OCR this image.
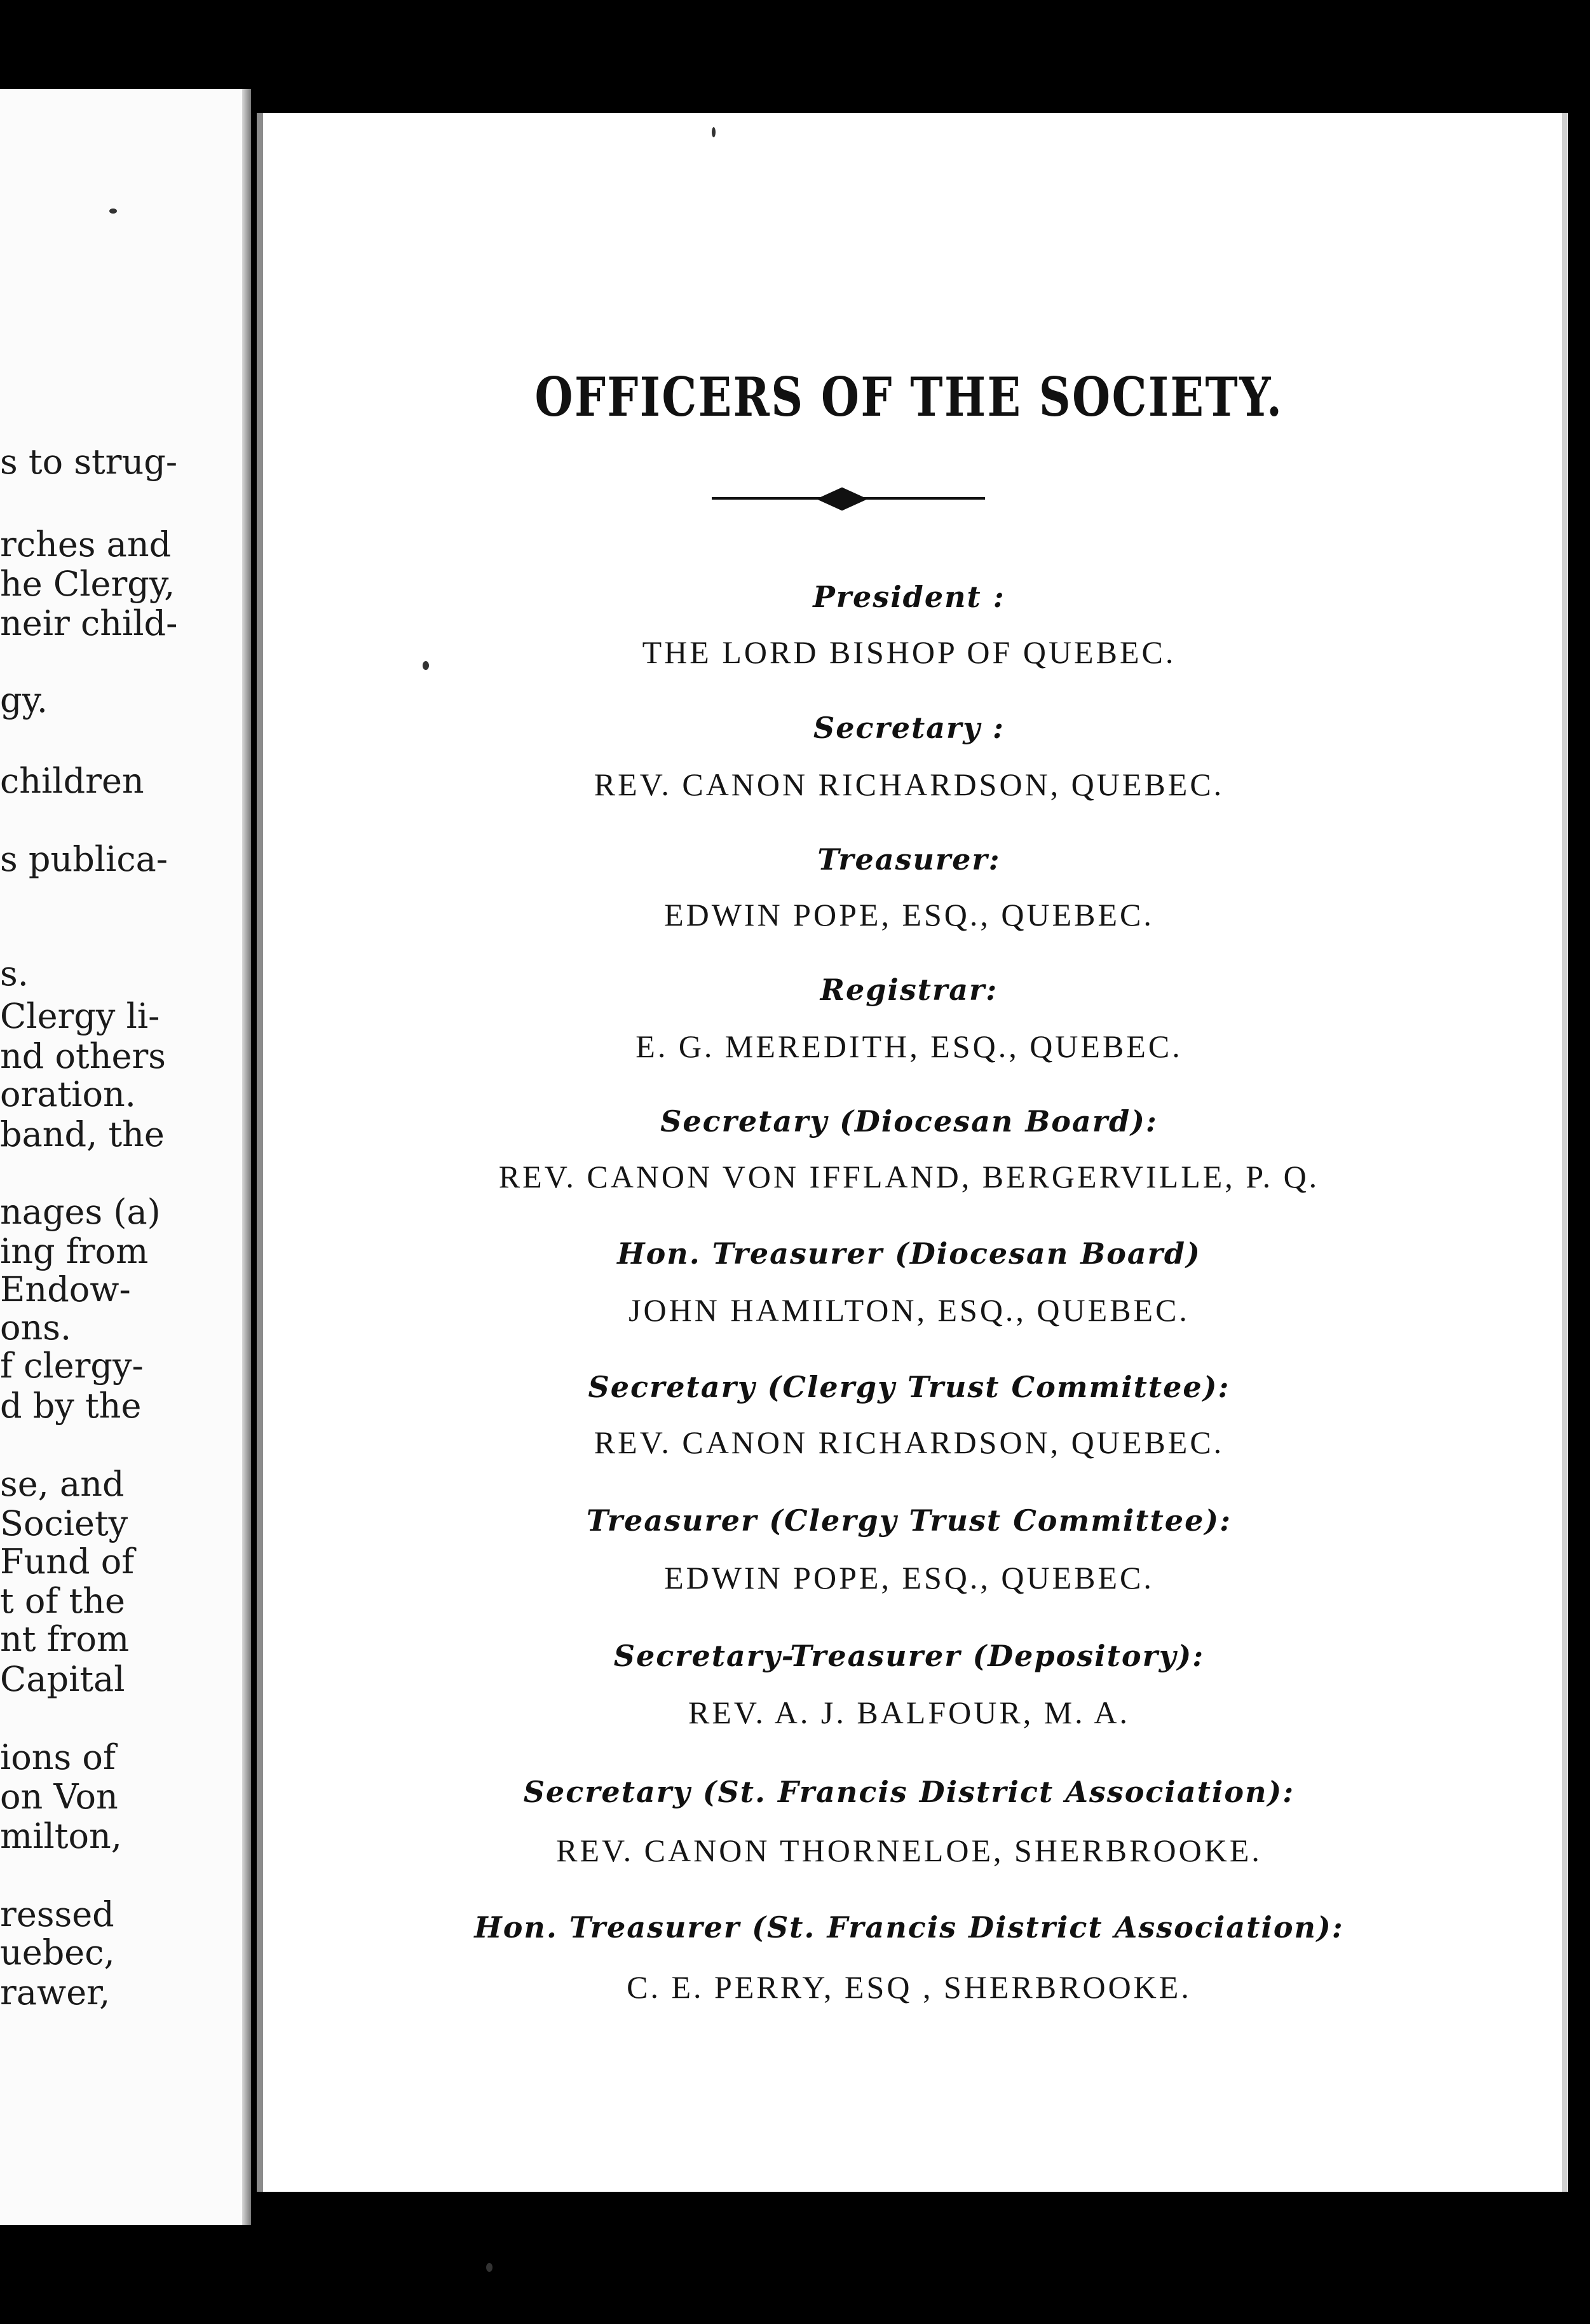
s to strug-
rches and
he Clergy,
neir child-
gy.
children
s publica-
s.
Clergy li-
nd others
oration.
band, the
nages (a)
ing from
Endow-
ons.
f clergy-
d by the
se, and
Society
Fund of
t of the
nt from
Capital
ions of
on Von
milton,
ressed
uebec,
rawer,
OFFICERS OF THE SOCIETY.
President :
THE LORD BISHOP OF QUEBEC.
Secretary :
REV. CANON RICHARDSON, QUEBEC.
Treasurer:
EDWIN POPE, ESQ., QUEBEC.
Registrar:
E. G. MEREDITH, ESQ., QUEBEC.
Secretary (Diocesan Board):
REV. CANON VON IFFLAND, BERGERVILLE, P. Q.
Hon. Treasurer (Diocesan Board)
JOHN HAMILTON, ESQ., QUEBEC.
Secretary (Clergy Trust Committee):
REV. CANON RICHARDSON, QUEBEC.
Treasurer (Clergy Trust Committee):
EDWIN POPE, ESQ., QUEBEC.
Secretary-Treasurer (Depository):
REV. A. J. BALFOUR, M. A.
Secretary (St. Francis District Association):
REV. CANON THORNELOE, SHERBROOKE.
Hon. Treasurer (St. Francis District Association):
C. E. PERRY, ESQ , SHERBROOKE.
